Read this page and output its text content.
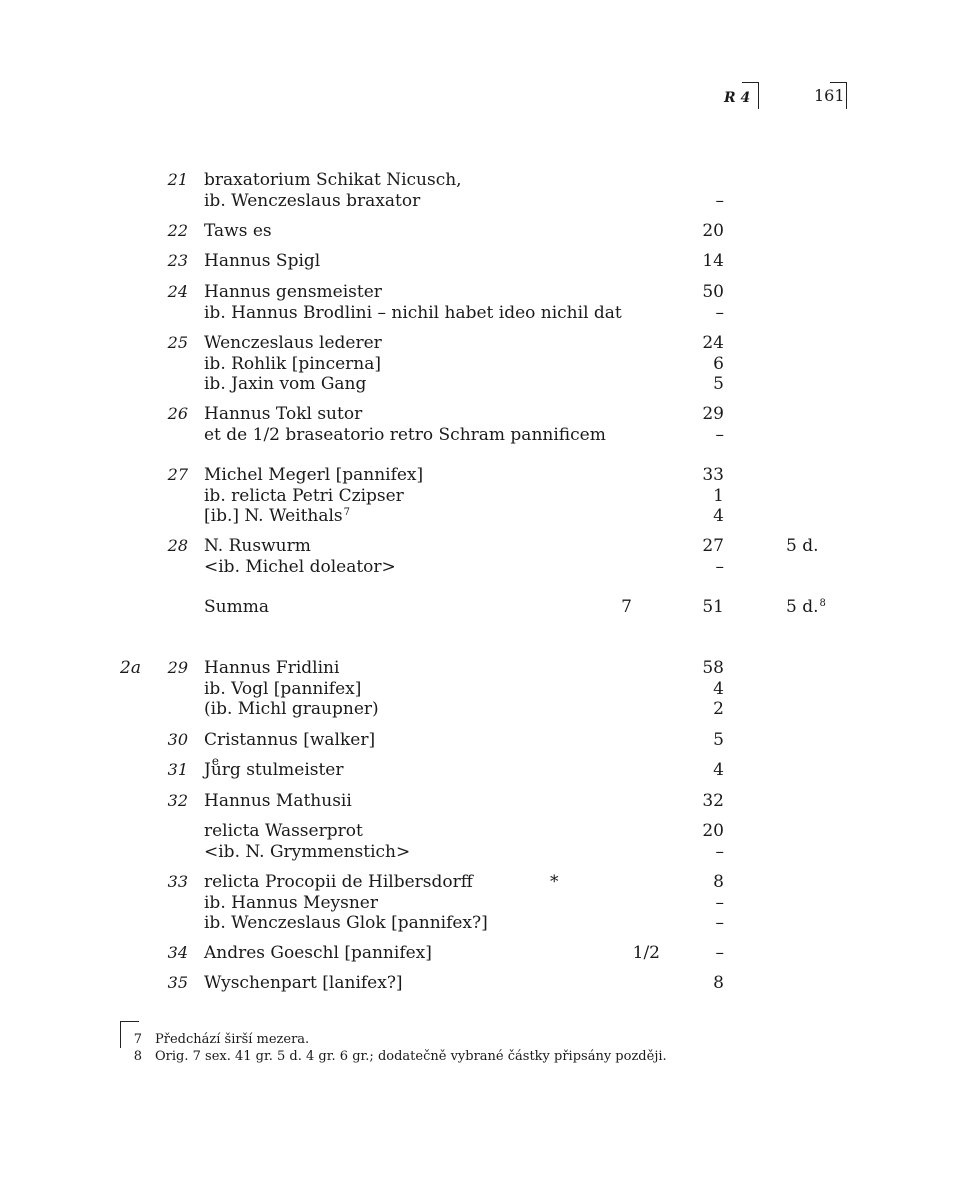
R 4	161
21 braxatorium Schikat Nicusch,
ib. Wenczeslaus braxator	–
22 Taws es	20
23 Hannus Spigl	14
24 Hannus gensmeister	50
ib. Hannus Brodlini – nichil habet ideo nichil dat	–
25 Wenczeslaus lederer	24
ib. Rohlik [pincerna]	6
ib. Jaxin vom Gang	5
26 Hannus Tokl sutor	29
et de 1/2 braseatorio retro Schram pannificem	–
27 Michel Megerl [pannifex]	33
ib. relicta Petri Czipser	1
[ib.] N. Weithals$^7$	4
28 N. Ruswurm	27	5 d.
<ib. Michel doleator>	–
Summa	7	51	5 d.$^8$
2a	29 Hannus Fridlini	58
ib. Vogl [pannifex]	4
(ib. Michl graupner)	2
30 Cristannus [walker]	5
31 Je urg stulmeister	4
32 Hannus Mathusii	32
relicta Wasserprot	20
<ib. N. Grymmenstich>	–
33 relicta Procopii de Hilbersdorff	*	8
ib. Hannus Meysner	–
ib. Wenczeslaus Glok [pannifex?]	–
34 Andres Goeschl [pannifex]	1/2	–
35 Wyschenpart [lanifex?]	8
7 Předchází širší mezera.
8 Orig. 7 sex. 41 gr. 5 d. 4 gr. 6 gr.; dodatečně vybrané částky připsány později.
